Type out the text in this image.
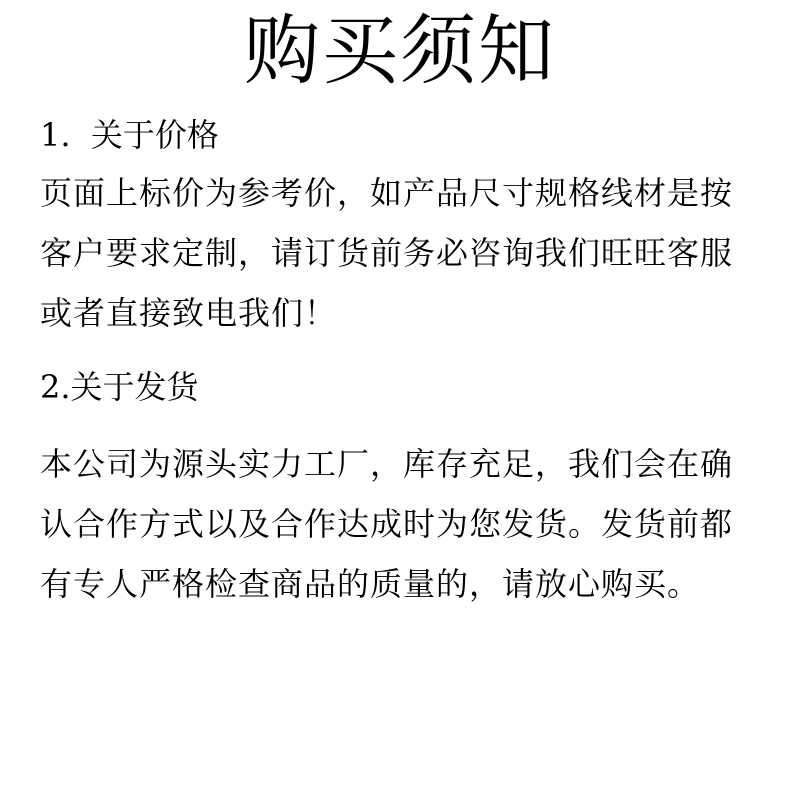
购买须知
1. 关于价格
页面上标价为参考价，如产品尺寸规格线材是按
客户要求定制，请订货前务必咨询我们旺旺客服
或者直接致电我们！
2.关于发货
本公司为源头实力工厂，库存充足，我们会在确
认合作方式以及合作达成时为您发货。发货前都
有专人严格检查商品的质量的，请放心购买。
